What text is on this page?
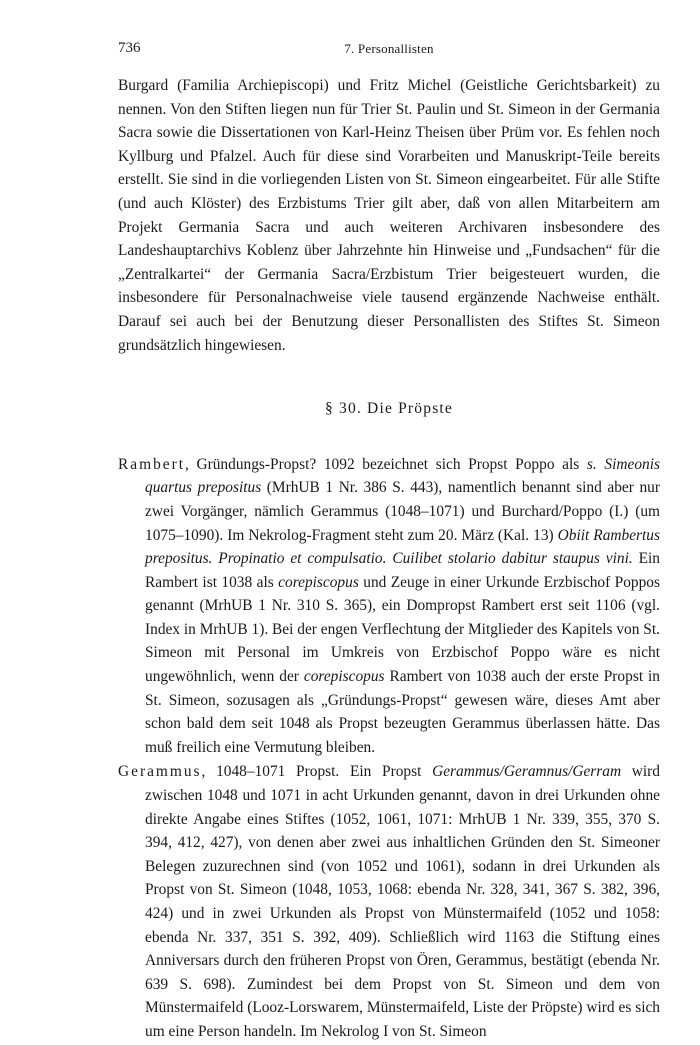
736	7. Personallisten

Burgard (Familia Archiepiscopi) und Fritz Michel (Geistliche Gerichtsbarkeit) zu nennen. Von den Stiften liegen nun für Trier St. Paulin und St. Simeon in der Germania Sacra sowie die Dissertationen von Karl-Heinz Theisen über Prüm vor. Es fehlen noch Kyllburg und Pfalzel. Auch für diese sind Vorarbeiten und Manuskript-Teile bereits erstellt. Sie sind in die vorliegenden Listen von St. Simeon eingearbeitet. Für alle Stifte (und auch Klöster) des Erzbistums Trier gilt aber, daß von allen Mitarbeitern am Projekt Germania Sacra und auch weiteren Archivaren insbesondere des Landeshauptarchivs Koblenz über Jahrzehnte hin Hinweise und „Fundsachen“ für die „Zentralkartei“ der Germania Sacra/Erzbistum Trier beigesteuert wurden, die insbesondere für Personalnachweise viele tausend ergänzende Nachweise enthält. Darauf sei auch bei der Benutzung dieser Personallisten des Stiftes St. Simeon grundsätzlich hingewiesen.

§ 30. Die Pröpste

Rambert, Gründungs-Propst? 1092 bezeichnet sich Propst Poppo als s. Simeonis quartus prepositus (MrhUB 1 Nr. 386 S. 443), namentlich benannt sind aber nur zwei Vorgänger, nämlich Gerammus (1048–1071) und Burchard/Poppo (I.) (um 1075–1090). Im Nekrolog-Fragment steht zum 20. März (Kal. 13) Obiit Rambertus prepositus. Propinatio et compulsatio. Cuilibet stolario dabitur staupus vini. Ein Rambert ist 1038 als corepiscopus und Zeuge in einer Urkunde Erzbischof Poppos genannt (MrhUB 1 Nr. 310 S. 365), ein Dompropst Rambert erst seit 1106 (vgl. Index in MrhUB 1). Bei der engen Verflechtung der Mitglieder des Kapitels von St. Simeon mit Personal im Umkreis von Erzbischof Poppo wäre es nicht ungewöhnlich, wenn der corepiscopus Rambert von 1038 auch der erste Propst in St. Simeon, sozusagen als „Gründungs-Propst“ gewesen wäre, dieses Amt aber schon bald dem seit 1048 als Propst bezeugten Gerammus überlassen hätte. Das muß freilich eine Vermutung bleiben.

Gerammus, 1048–1071 Propst. Ein Propst Gerammus/Geramnus/Gerram wird zwischen 1048 und 1071 in acht Urkunden genannt, davon in drei Urkunden ohne direkte Angabe eines Stiftes (1052, 1061, 1071: MrhUB 1 Nr. 339, 355, 370 S. 394, 412, 427), von denen aber zwei aus inhaltlichen Gründen den St. Simeoner Belegen zuzurechnen sind (von 1052 und 1061), sodann in drei Urkunden als Propst von St. Simeon (1048, 1053, 1068: ebenda Nr. 328, 341, 367 S. 382, 396, 424) und in zwei Urkunden als Propst von Münstermaifeld (1052 und 1058: ebenda Nr. 337, 351 S. 392, 409). Schließlich wird 1163 die Stiftung eines Anniversars durch den früheren Propst von Ören, Gerammus, bestätigt (ebenda Nr. 639 S. 698). Zumindest bei dem Propst von St. Simeon und dem von Münstermaifeld (Looz-Lorswarem, Münstermaifeld, Liste der Pröpste) wird es sich um eine Person handeln. Im Nekrolog I von St. Simeon
